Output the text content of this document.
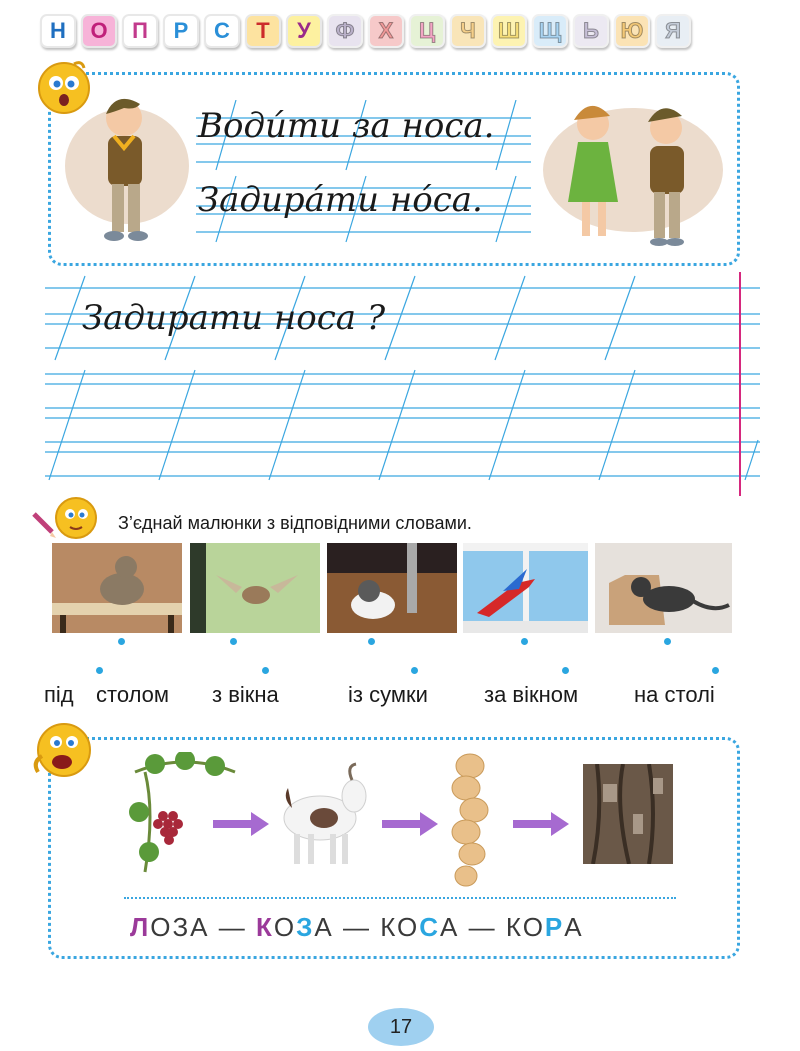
Н	О	П	Р	С	Т	У	Ф	Х	Ц	Ч	Ш Щ Ь Ю Я
Водúти за носа.
Задирáти нóса.
Задирати носа ?
З’єднай малюнки з відповідними словами.
під столом з вікна	із сумки	за вікном	на столі
ЛОЗА — КОЗА — КОСА — КОРА
17
